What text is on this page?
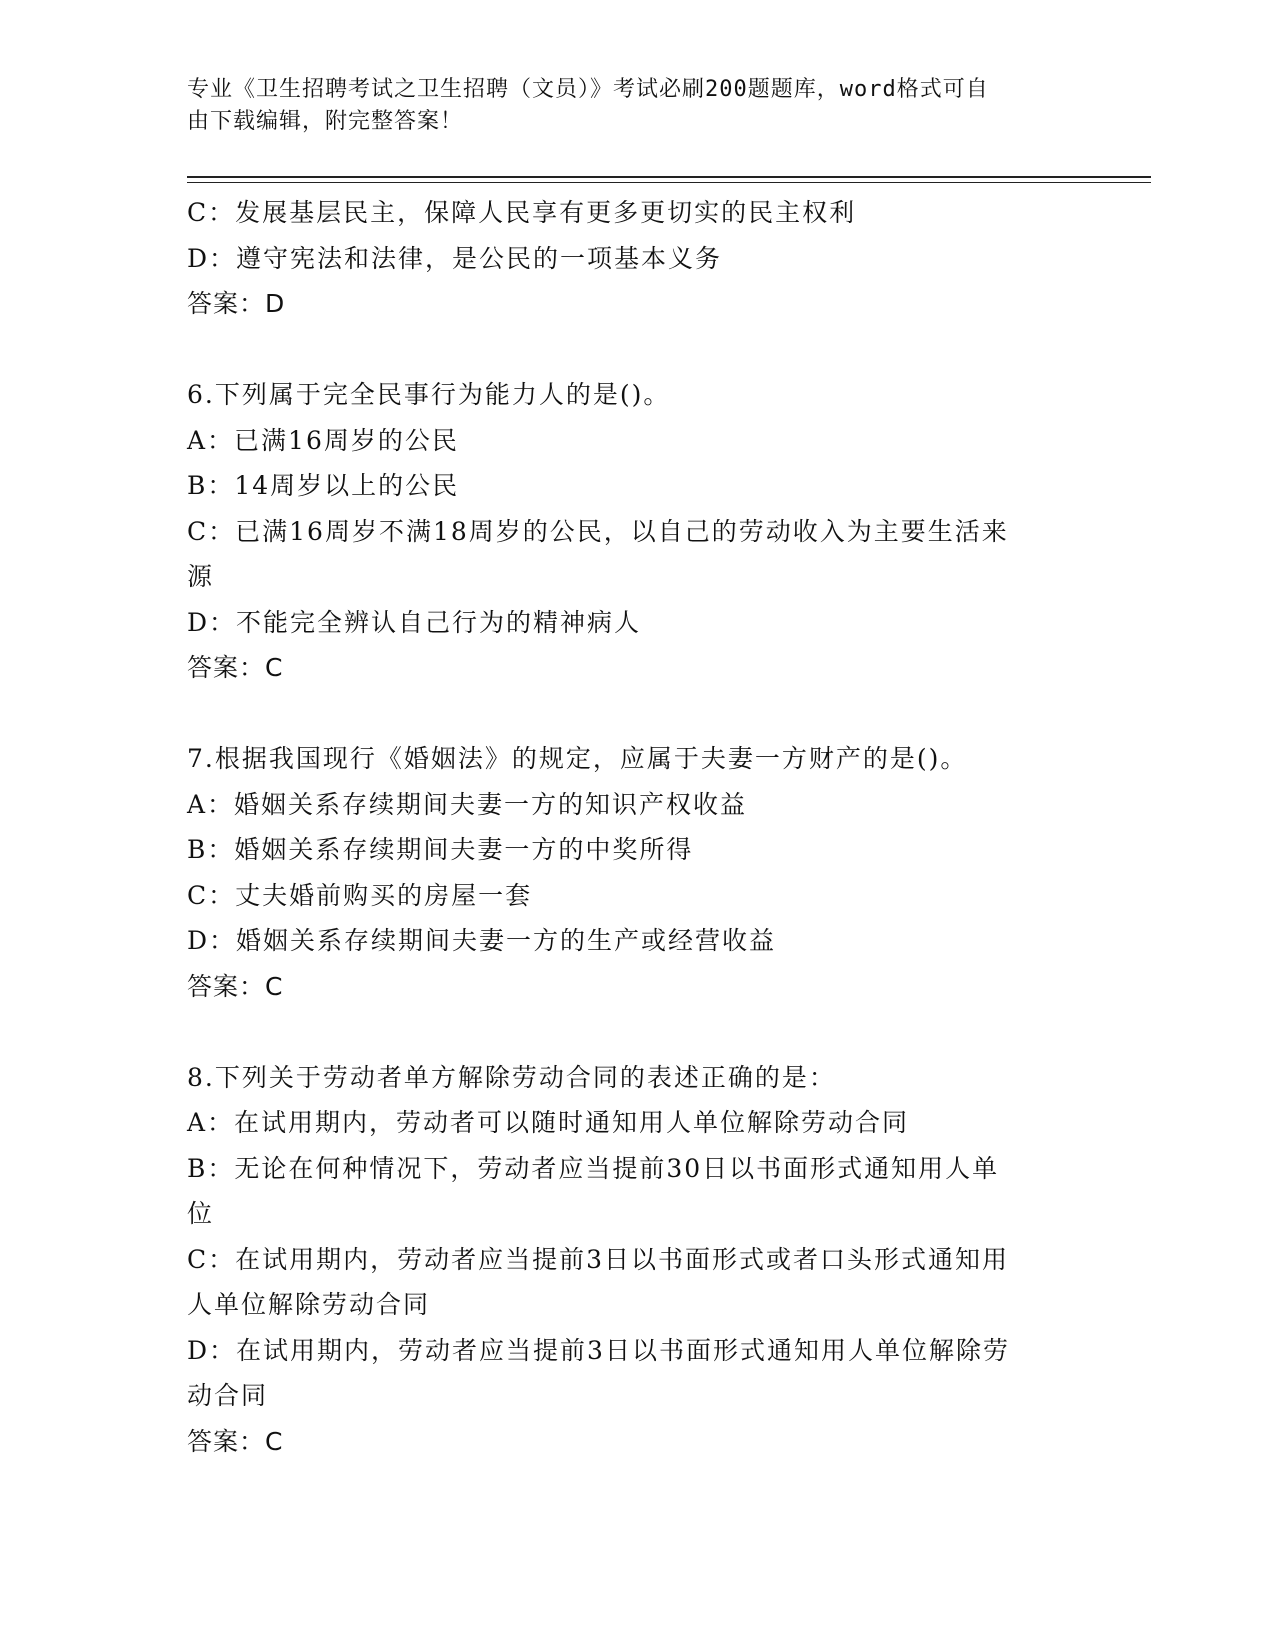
专业《卫生招聘考试之卫生招聘（文员）》考试必刷200题题库，word格式可自
由下载编辑，附完整答案！
C：发展基层民主，保障人民享有更多更切实的民主权利
D：遵守宪法和法律，是公民的一项基本义务
答案：D
6.下列属于完全民事行为能力人的是()。
A：已满16周岁的公民
B：14周岁以上的公民
C：已满16周岁不满18周岁的公民，以自己的劳动收入为主要生活来
源
D：不能完全辨认自己行为的精神病人
答案：C
7.根据我国现行《婚姻法》的规定，应属于夫妻一方财产的是()。
A：婚姻关系存续期间夫妻一方的知识产权收益
B：婚姻关系存续期间夫妻一方的中奖所得
C：丈夫婚前购买的房屋一套
D：婚姻关系存续期间夫妻一方的生产或经营收益
答案：C
8.下列关于劳动者单方解除劳动合同的表述正确的是：
A：在试用期内，劳动者可以随时通知用人单位解除劳动合同
B：无论在何种情况下，劳动者应当提前30日以书面形式通知用人单
位
C：在试用期内，劳动者应当提前3日以书面形式或者口头形式通知用
人单位解除劳动合同
D：在试用期内，劳动者应当提前3日以书面形式通知用人单位解除劳
动合同
答案：C
